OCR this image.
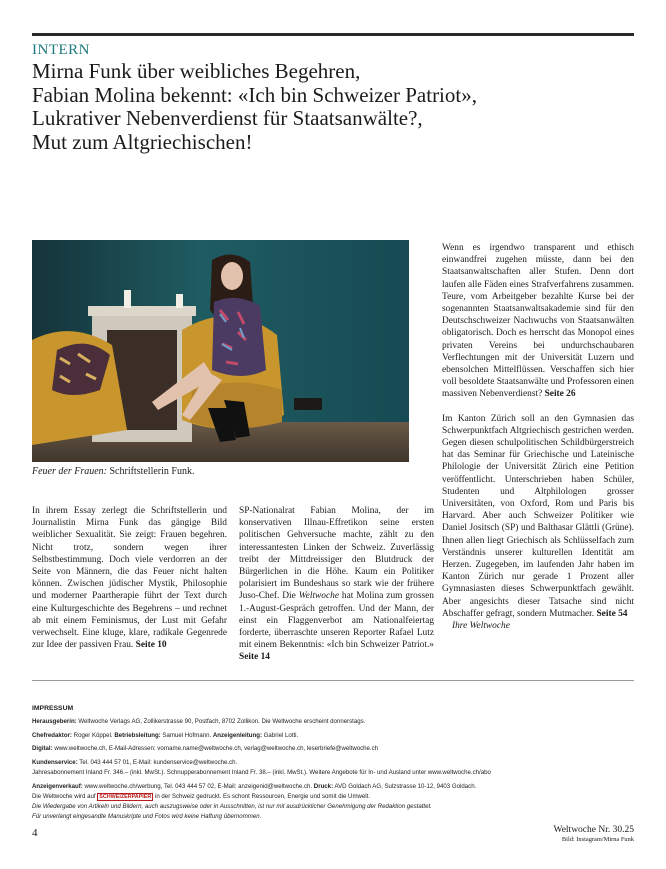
INTERN
Mirna Funk über weibliches Begehren,
Fabian Molina bekennt: «Ich bin Schweizer Patriot»,
Lukrativer Nebenverdienst für Staatsanwälte?,
Mut zum Altgriechischen!
Feuer der Frauen: Schriftstellerin Funk.

In ihrem Essay zerlegt die Schriftstellerin und Journalistin Mirna Funk das gängige Bild weiblicher Sexualität. Sie zeigt: Frauen begehren. Nicht trotz, sondern wegen ihrer Selbstbestimmung. Doch viele verdorren an der Seite von Männern, die das Feuer nicht halten können. Zwischen jüdischer Mystik, Philosophie und moderner Paartherapie führt der Text durch eine Kulturgeschichte des Begehrens – und rechnet ab mit einem Feminismus, der Lust mit Gefahr verwechselt. Eine kluge, klare, radikale Gegenrede zur Idee der passiven Frau. Seite 10

SP-Nationalrat Fabian Molina, der im konservativen Illnau-Effretikon seine ersten politischen Gehversuche machte, zählt zu den interessantesten Linken der Schweiz. Zuverlässig treibt der Mittdreissiger den Blutdruck der Bürgerlichen in die Höhe. Kaum ein Politiker polarisiert im Bundeshaus so stark wie der frühere Juso-Chef. Die Weltwoche hat Molina zum grossen 1.-August-Gespräch getroffen. Und der Mann, der einst ein Flaggenverbot am Nationalfeiertag forderte, überraschte unseren Reporter Rafael Lutz mit einem Bekenntnis: «Ich bin Schweizer Patriot.» Seite 14

Wenn es irgendwo transparent und ethisch einwandfrei zugehen müsste, dann bei den Staatsanwaltschaften aller Stufen. Denn dort laufen alle Fäden eines Strafverfahrens zusammen. Teure, vom Arbeitgeber bezahlte Kurse bei der sogenannten Staatsanwaltsakademie sind für den Deutschschweizer Nachwuchs von Staatsanwälten obligatorisch. Doch es herrscht das Monopol eines privaten Vereins bei undurchschaubaren Verflechtungen mit der Universität Luzern und ebensolchen Mittelflüssen. Verschaffen sich hier voll besoldete Staatsanwälte und Professoren einen massiven Nebenverdienst? Seite 26

Im Kanton Zürich soll an den Gymnasien das Schwerpunktfach Altgriechisch gestrichen werden. Gegen diesen schulpolitischen Schildbürgerstreich hat das Seminar für Griechische und Lateinische Philologie der Universität Zürich eine Petition veröffentlicht. Unterschrieben haben Schüler, Studenten und Altphilologen grosser Universitäten, von Oxford, Rom und Paris bis Harvard. Aber auch Schweizer Politiker wie Daniel Jositsch (SP) und Balthasar Glättli (Grüne). Ihnen allen liegt Griechisch als Schlüsselfach zum Verständnis unserer kulturellen Identität am Herzen. Zugegeben, im laufenden Jahr haben im Kanton Zürich nur gerade 1 Prozent aller Gymnasiasten dieses Schwerpunktfach gewählt. Aber angesichts dieser Tatsache sind nicht Abschaffer gefragt, sondern Mutmacher. Seite 54

Ihre Weltwoche

IMPRESSUM

Herausgeberin: Weltwoche Verlags AG, Zollikerstrasse 90, Postfach, 8702 Zollikon. Die Weltwoche erscheint donnerstags.

Chefredaktor: Roger Köppel. Betriebsleitung: Samuel Hofmann. Anzeigenleitung: Gabriel Lotti.

Digital: www.weltwoche.ch, E-Mail-Adressen: vorname.name@weltwoche.ch, verlag@weltwoche.ch, leserbriefe@weltwoche.ch

Kundenservice: Tel. 043 444 57 01, E-Mail: kundenservice@weltwoche.ch.

Jahresabonnement Inland Fr. 346.– (inkl. MwSt.). Schnupperabonnement Inland Fr. 38.– (inkl. MwSt.). Weitere Angebote für In- und Ausland unter www.weltwoche.ch/abo

Anzeigenverkauf: www.weltwoche.ch/werbung, Tel. 043 444 57 02, E-Mail: anzeigenid@weltwoche.ch. Druck: AVD Goldach AG, Sulzstrasse 10-12, 9403 Goldach.

Die Weltwoche wird auf SCHWEIZERPAPIER in der Schweiz gedruckt. Es schont Ressourcen, Energie und somit die Umwelt.

Die Wiedergabe von Artikeln und Bildern, auch auszugsweise oder in Ausschnitten, ist nur mit ausdrücklicher Genehmigung der Redaktion gestattet.

Für unverlangt eingesandte Manuskripte und Fotos wird keine Haftung übernommen.

4	Weltwoche Nr. 30.25
Bild: Instagram/Mirna Funk
